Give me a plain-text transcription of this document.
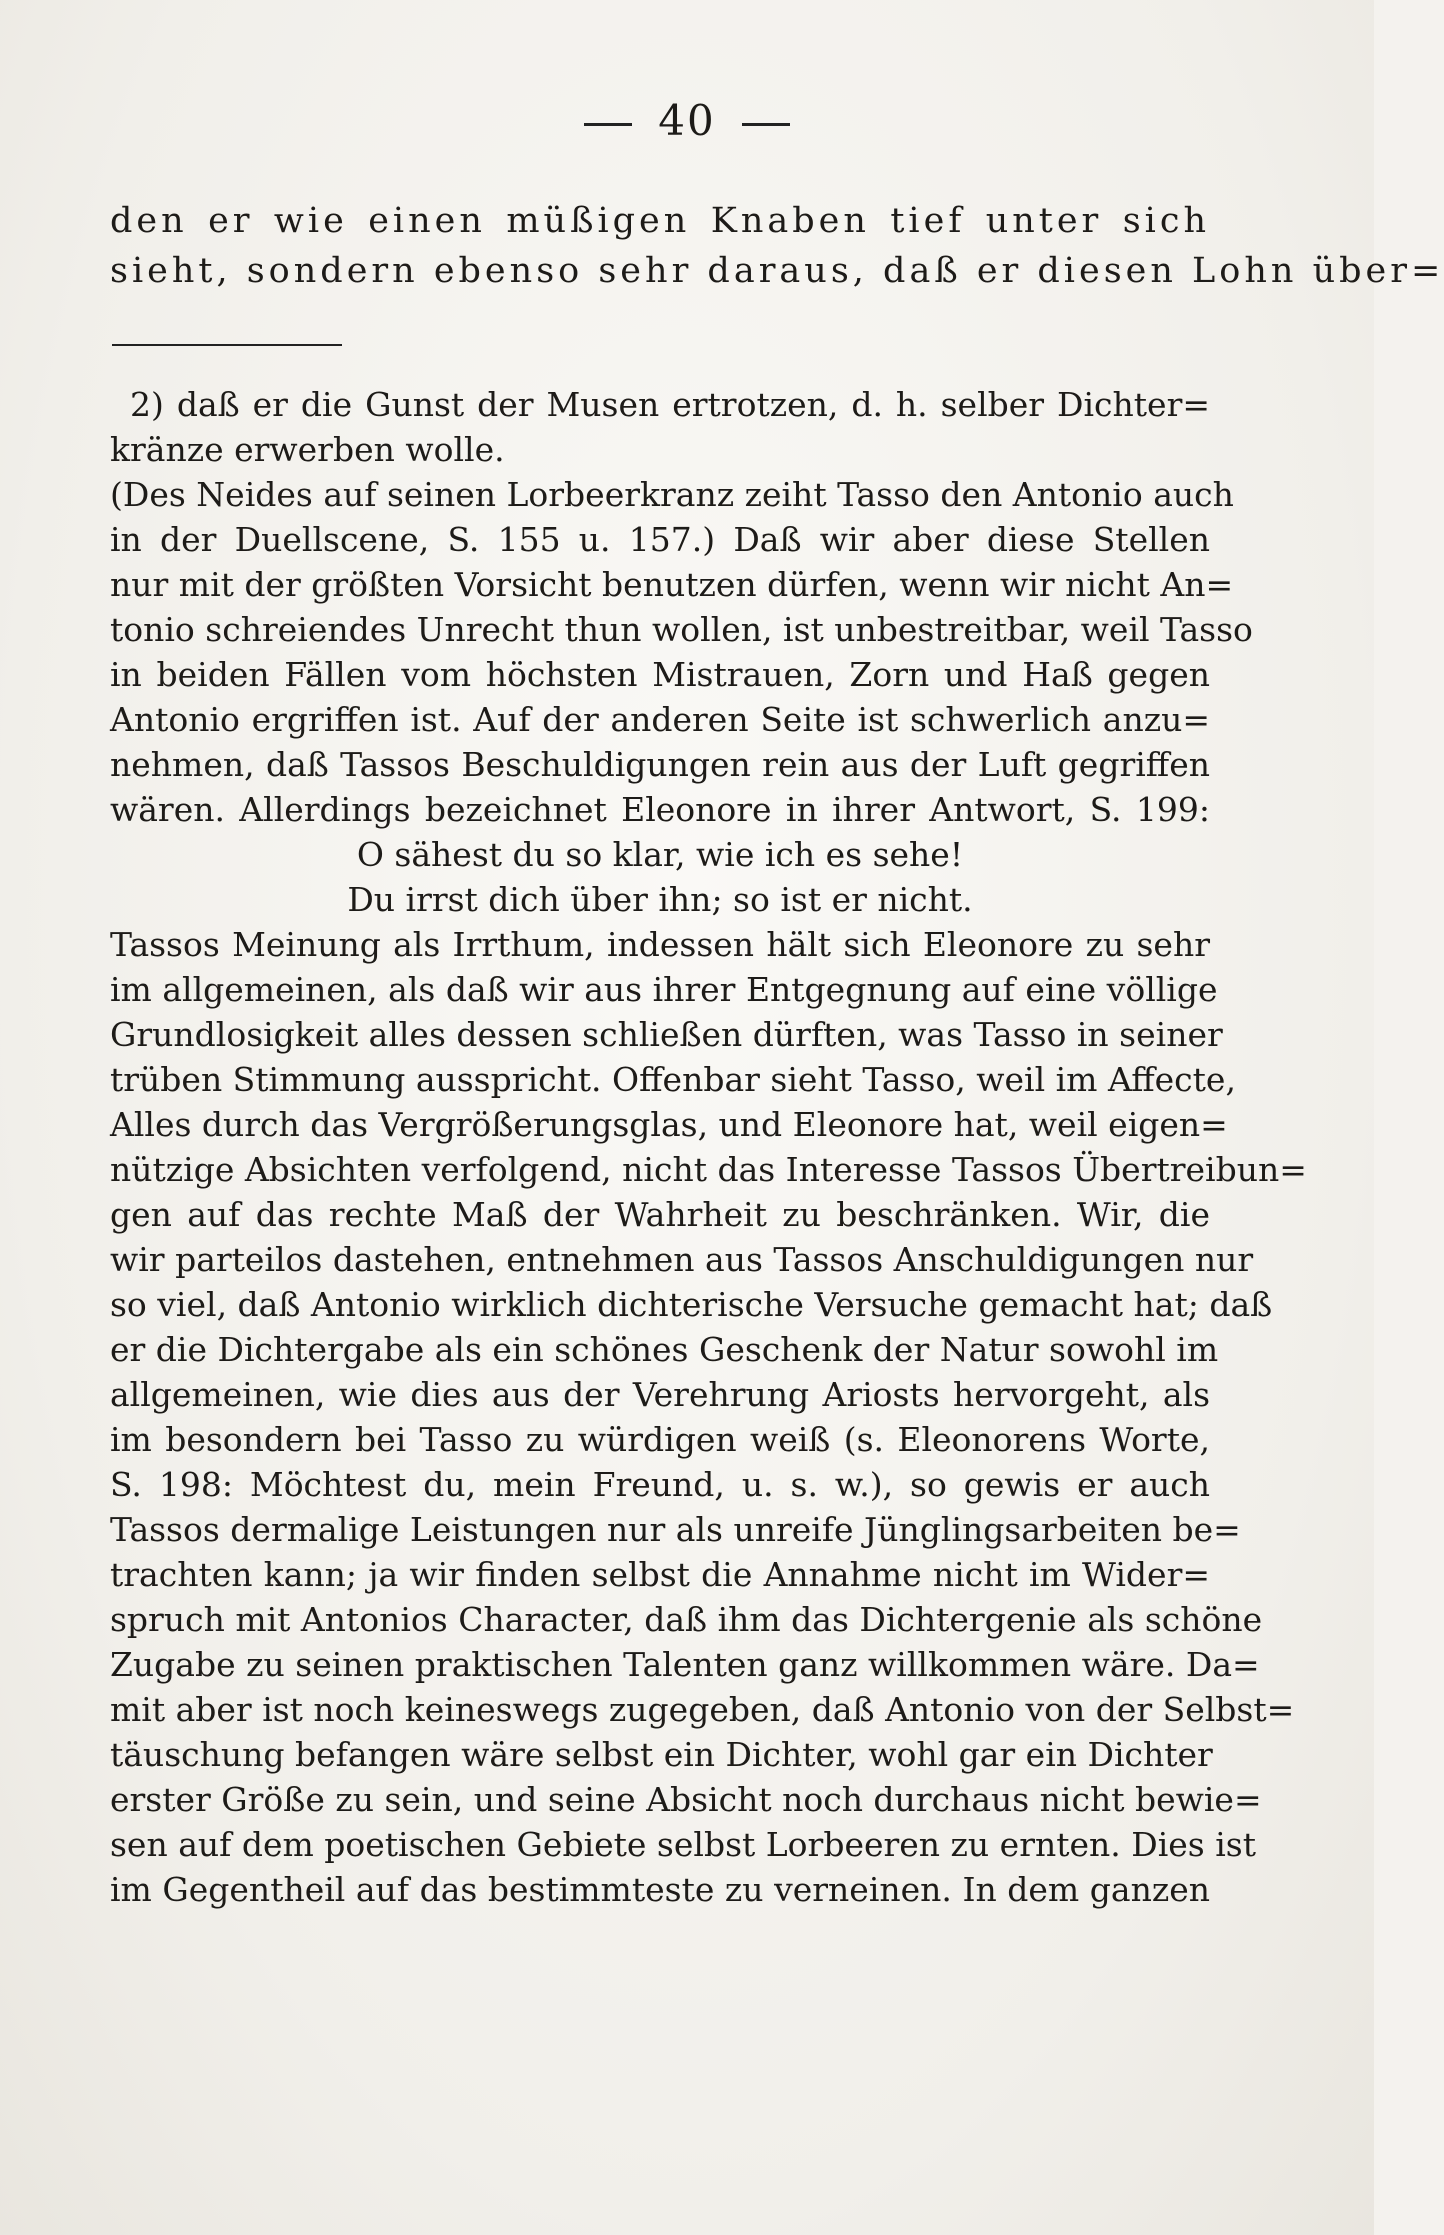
40
den er wie einen müßigen Knaben tief unter sich
sieht, sondern ebenso sehr daraus, daß er diesen Lohn über=
2) daß er die Gunst der Musen ertrotzen, d. h. selber Dichter=
kränze erwerben wolle.
(Des Neides auf seinen Lorbeerkranz zeiht Tasso den Antonio auch
in der Duellscene, S. 155 u. 157.) Daß wir aber diese Stellen
nur mit der größten Vorsicht benutzen dürfen, wenn wir nicht An=
tonio schreiendes Unrecht thun wollen, ist unbestreitbar, weil Tasso
in beiden Fällen vom höchsten Mistrauen, Zorn und Haß gegen
Antonio ergriffen ist. Auf der anderen Seite ist schwerlich anzu=
nehmen, daß Tassos Beschuldigungen rein aus der Luft gegriffen
wären. Allerdings bezeichnet Eleonore in ihrer Antwort, S. 199:
O sähest du so klar, wie ich es sehe!
Du irrst dich über ihn; so ist er nicht.
Tassos Meinung als Irrthum, indessen hält sich Eleonore zu sehr
im allgemeinen, als daß wir aus ihrer Entgegnung auf eine völlige
Grundlosigkeit alles dessen schließen dürften, was Tasso in seiner
trüben Stimmung ausspricht. Offenbar sieht Tasso, weil im Affecte,
Alles durch das Vergrößerungsglas, und Eleonore hat, weil eigen=
nützige Absichten verfolgend, nicht das Interesse Tassos Übertreibun=
gen auf das rechte Maß der Wahrheit zu beschränken. Wir, die
wir parteilos dastehen, entnehmen aus Tassos Anschuldigungen nur
so viel, daß Antonio wirklich dichterische Versuche gemacht hat; daß
er die Dichtergabe als ein schönes Geschenk der Natur sowohl im
allgemeinen, wie dies aus der Verehrung Ariosts hervorgeht, als
im besondern bei Tasso zu würdigen weiß (s. Eleonorens Worte,
S. 198: Möchtest du, mein Freund, u. s. w.), so gewis er auch
Tassos dermalige Leistungen nur als unreife Jünglingsarbeiten be=
trachten kann; ja wir finden selbst die Annahme nicht im Wider=
spruch mit Antonios Character, daß ihm das Dichtergenie als schöne
Zugabe zu seinen praktischen Talenten ganz willkommen wäre. Da=
mit aber ist noch keineswegs zugegeben, daß Antonio von der Selbst=
täuschung befangen wäre selbst ein Dichter, wohl gar ein Dichter
erster Größe zu sein, und seine Absicht noch durchaus nicht bewie=
sen auf dem poetischen Gebiete selbst Lorbeeren zu ernten. Dies ist
im Gegentheil auf das bestimmteste zu verneinen. In dem ganzen
